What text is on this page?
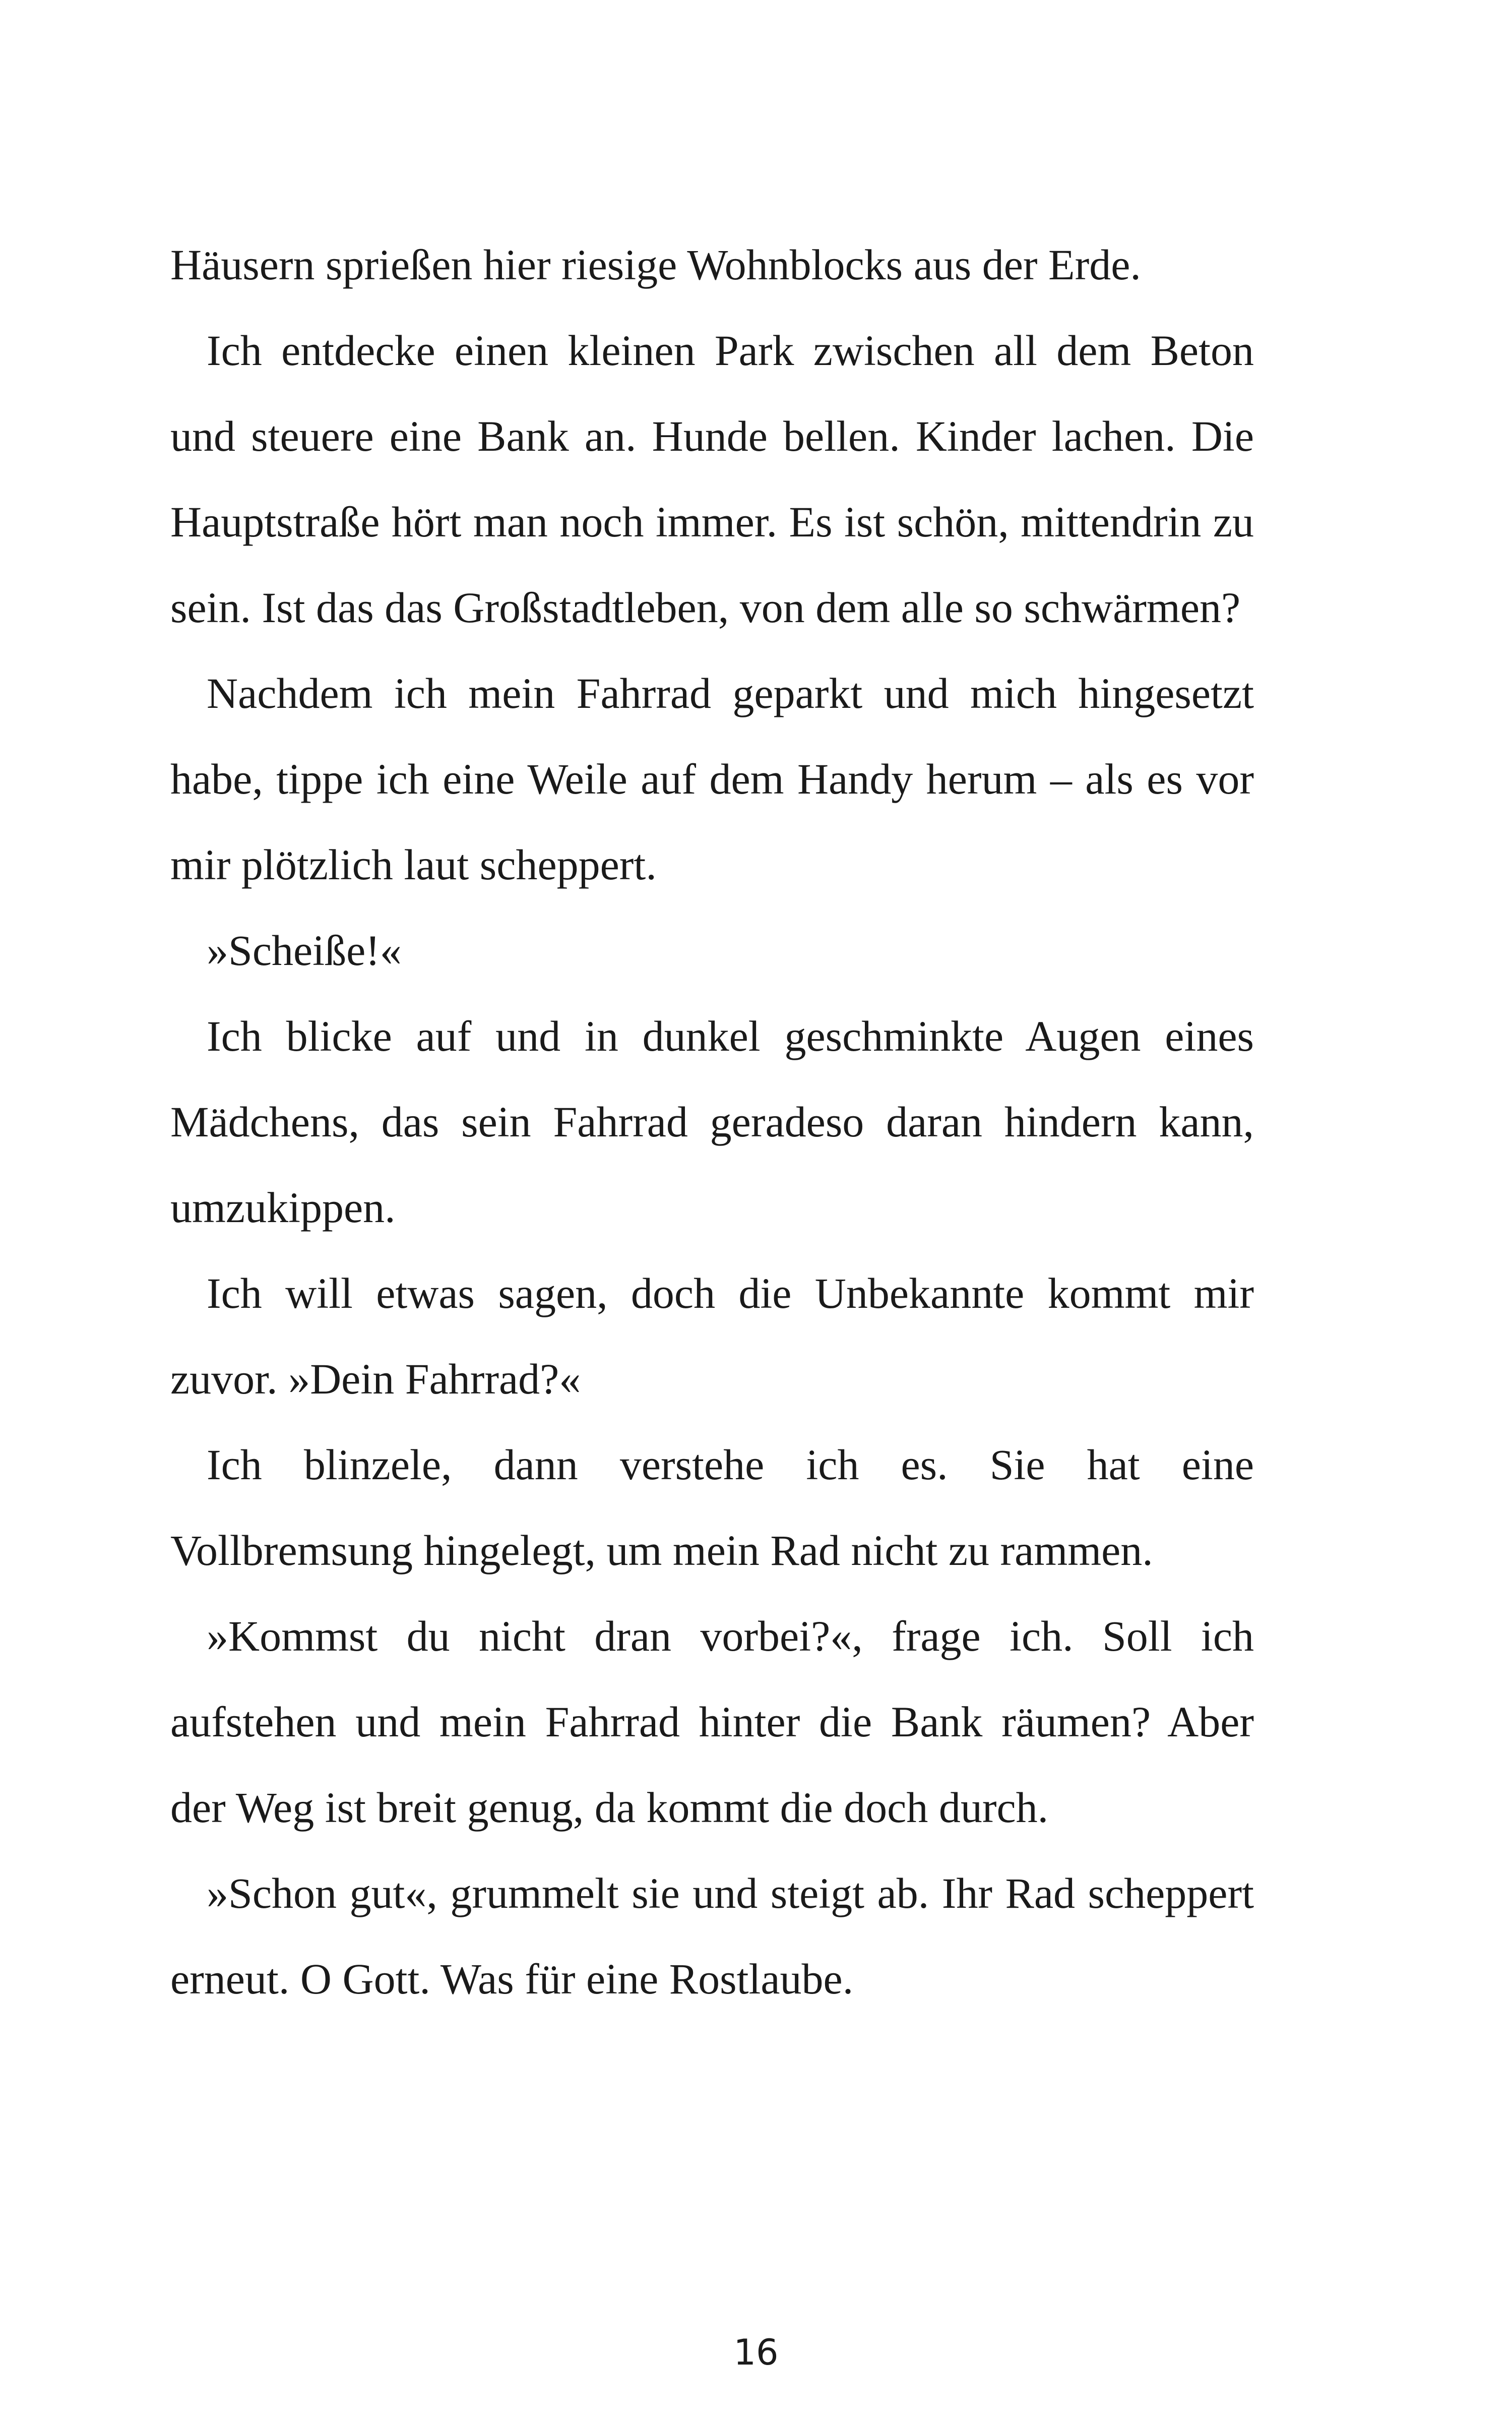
Häusern sprießen hier riesige Wohnblocks aus der Erde.

Ich entdecke einen kleinen Park zwischen all dem Beton und steuere eine Bank an. Hunde bellen. Kinder lachen. Die Hauptstraße hört man noch immer. Es ist schön, mittendrin zu sein. Ist das das Großstadtleben, von dem alle so schwärmen?

Nachdem ich mein Fahrrad geparkt und mich hingesetzt habe, tippe ich eine Weile auf dem Handy herum – als es vor mir plötzlich laut scheppert.

»Scheiße!«

Ich blicke auf und in dunkel geschminkte Augen eines Mädchens, das sein Fahrrad geradeso daran hindern kann, umzukippen.

Ich will etwas sagen, doch die Unbekannte kommt mir zuvor. »Dein Fahrrad?«

Ich blinzele, dann verstehe ich es. Sie hat eine Vollbremsung hingelegt, um mein Rad nicht zu rammen.

»Kommst du nicht dran vorbei?«, frage ich. Soll ich aufstehen und mein Fahrrad hinter die Bank räumen? Aber der Weg ist breit genug, da kommt die doch durch.

»Schon gut«, grummelt sie und steigt ab. Ihr Rad scheppert erneut. O Gott. Was für eine Rostlaube.

16
